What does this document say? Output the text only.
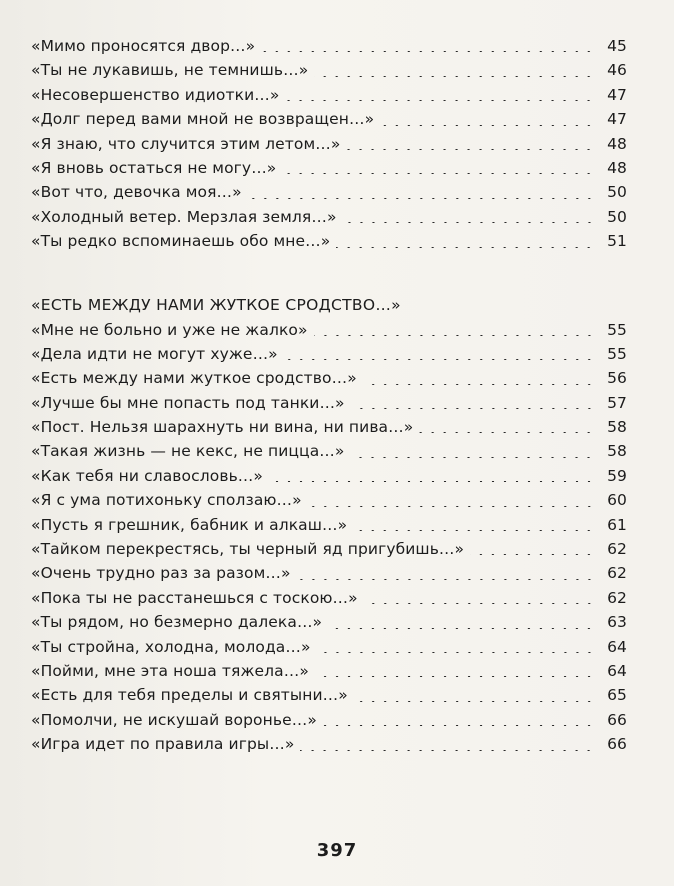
«Мимо проносятся двор…»	45
«Ты не лукавишь, не темнишь…»	46
«Несовершенство идиотки…»	47
«Долг перед вами мной не возвращен…»	47
«Я знаю, что случится этим летом…»	48
«Я вновь остаться не могу…»	48
«Вот что, девочка моя…»	50
«Холодный ветер. Мерзлая земля…»	50
«Ты редко вспоминаешь обо мне…»	51
«ЕСТЬ МЕЖДУ НАМИ ЖУТКОЕ СРОДСТВО…»
«Мне не больно и уже не жалко»	55
«Дела идти не могут хуже…»	55
«Есть между нами жуткое сродство…»	56
«Лучше бы мне попасть под танки…»	57
«Пост. Нельзя шарахнуть ни вина, ни пива…»	58
«Такая жизнь — не кекс, не пицца…»	58
«Как тебя ни славословь…»	59
«Я с ума потихоньку сползаю…»	60
«Пусть я грешник, бабник и алкаш…»	61
«Тайком перекрестясь, ты черный яд пригубишь…»	62
«Очень трудно раз за разом…»	62
«Пока ты не расстанешься с тоскою…»	62
«Ты рядом, но безмерно далека…»	63
«Ты стройна, холодна, молода…»	64
«Пойми, мне эта ноша тяжела…»	64
«Есть для тебя пределы и святыни…»	65
«Помолчи, не искушай воронье…»	66
«Игра идет по правила игры…»	66
397
